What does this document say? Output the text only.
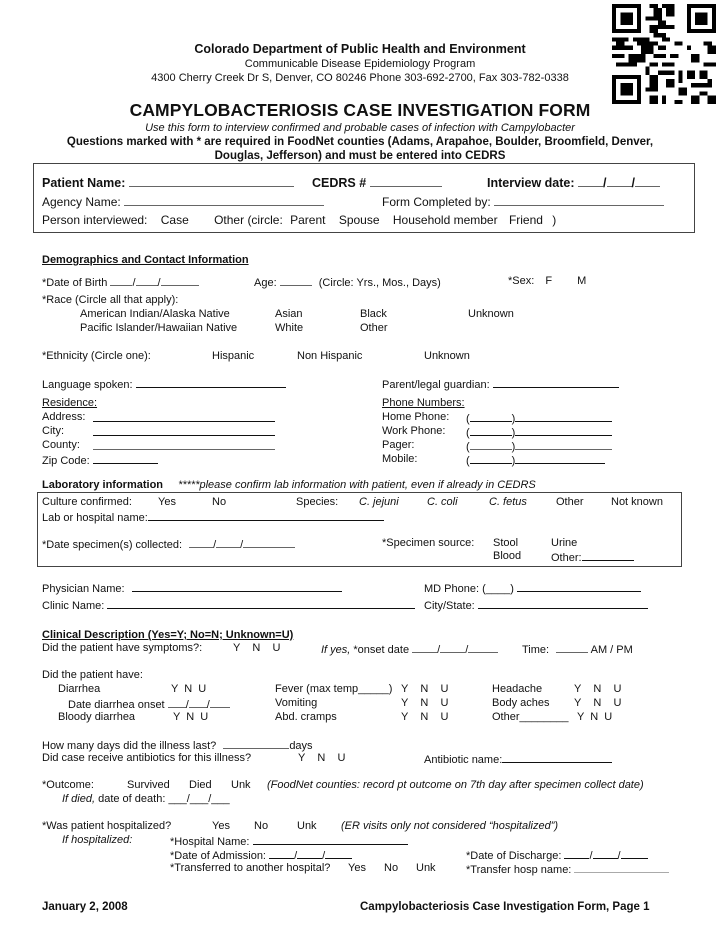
Colorado Department of Public Health and Environment
Communicable Disease Epidemiology Program
4300 Cherry Creek Dr S, Denver, CO 80246 Phone 303-692-2700, Fax 303-782-0338
CAMPYLOBACTERIOSIS CASE INVESTIGATION FORM
Use this form to interview confirmed and probable cases of infection with Campylobacter
Questions marked with * are required in FoodNet counties (Adams, Arapahoe, Boulder, Broomfield, Denver,
Douglas, Jefferson) and must be entered into CEDRS
Patient Name:	CEDRS #	Interview date: / /
Agency Name:	Form Completed by:
Person interviewed: Case Other (circle: Parent Spouse Household member Friend )
Demographics and Contact Information
*Date of Birth / /	Age:	(Circle: Yrs., Mos., Days)	*Sex: F M
*Race (Circle all that apply):
American Indian/Alaska Native	Asian	Black	Unknown
Pacific Islander/Hawaiian Native	White	Other
*Ethnicity (Circle one):	Hispanic	Non Hispanic	Unknown
Language spoken:	Parent/legal guardian:
Residence:
Address:
City:
County:
Zip Code:
Phone Numbers:
Home Phone: (	)
Work Phone: (	)
Pager:	(	)
Mobile:	(	)
Laboratory information *****please confirm lab information with patient, even if already in CEDRS
Culture confirmed: Yes	No	Species: C. jejuni	C. coli	C. fetus	Other Not known
Lab or hospital name:
*Date specimen(s) collected:	/ /	*Specimen source: Stool	Urine
Blood	Other:
Physician Name:	MD Phone: (____)
Clinic Name:	City/State:
Clinical Description (Yes=Y; No=N; Unknown=U)
Did the patient have symptoms?:	Y    N    U	If yes, *onset date	/ /	Time:	AM / PM
Did the patient have:
Diarrhea	Y  N  U
Date diarrhea onset / /
Bloody diarrhea	Y  N  U
Fever (max temp_____) Y    N    U
Vomiting	Y    N    U
Abd. cramps	Y    N    U
Headache	Y    N    U
Body aches Y    N    U
Other________ Y  N  U
How many days did the illness last?	days
Did case receive antibiotics for this illness?	Y    N    U	Antibiotic name:
*Outcome:	Survived Died Unk (FoodNet counties: record pt outcome on 7th day after specimen collect date)
If died, date of death: ___/___/___
*Was patient hospitalized?	Yes No	Unk (ER visits only not considered “hospitalized”)
If hospitalized:	*Hospital Name:
*Date of Admission:	/ /	*Date of Discharge:	/ /
*Transferred to another hospital? Yes No Unk	*Transfer hosp name:
January 2, 2008	Campylobacteriosis Case Investigation Form, Page 1
